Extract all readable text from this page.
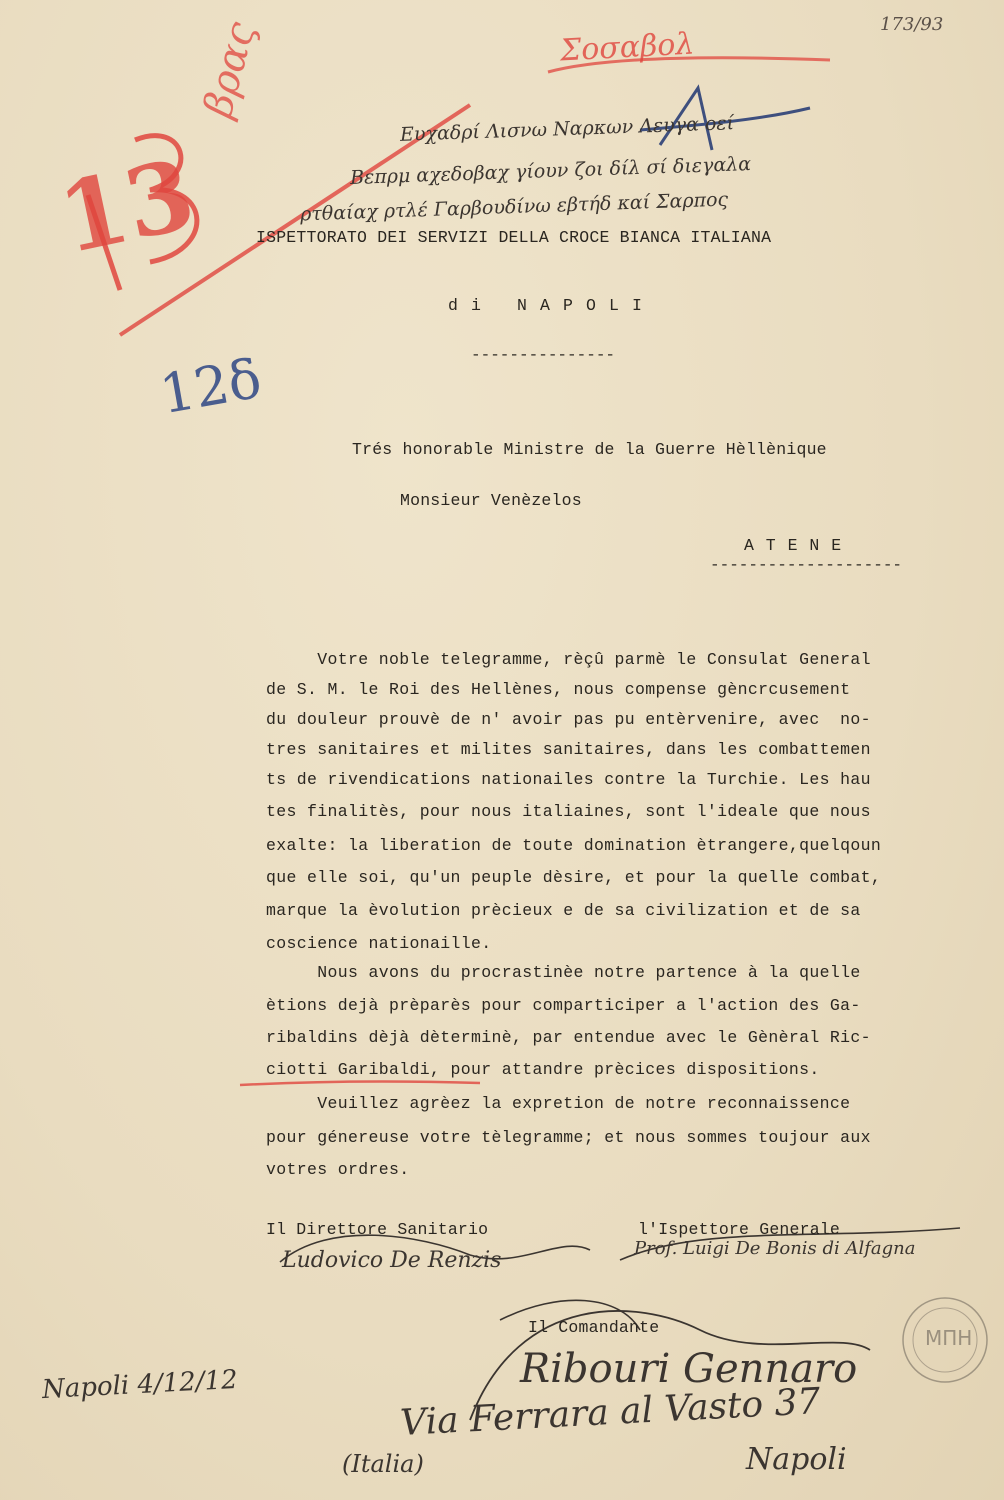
173/93
Σοσαβολ
13
βρας
12δ
Ευχαδρί Λισνω Ναρκων Λευγα οεί
Βεπρμ αχεδοβαχ γίουν ζοι δίλ σί διεγαλα
ρτθαίαχ ρτλέ Γαρβουδίνω εβτήδ καί Σαρπος
ISPETTORATO DEI SERVIZI DELLA CROCE BIANCA ITALIANA
d i   N A P O L I
---------------
Trés honorable Ministre de la Guerre Hèllènique
Monsieur Venèzelos
A T E N E
--------------------
Votre noble telegramme, rèçû parmè le Consulat General
de S. M. le Roi des Hellènes, nous compense gèncrcusement
du douleur prouvè de n' avoir pas pu entèrvenire, avec  no-
tres sanitaires et milites sanitaires, dans les combattemen
ts de rivendications nationailes contre la Turchie. Les hau
tes finalitès, pour nous italiaines, sont l'ideale que nous
exalte: la liberation de toute domination ètrangere,quelqoun
que elle soi, qu'un peuple dèsire, et pour la quelle combat,
marque la èvolution prècieux e de sa civilization et de sa
coscience nationaille.
Nous avons du procrastinèe notre partence à la quelle
ètions dejà prèparès pour comparticiper a l'action des Ga-
ribaldins dèjà dèterminè, par entendue avec le Gènèral Ric-
ciotti Garibaldi, pour attandre prècices dispositions.
Veuillez agrèez la expretion de notre reconnaissence
pour génereuse votre tèlegramme; et nous sommes toujour aux
votres ordres.
Il Direttore Sanitario	l'Ispettore Generale
Ludovico De Renzis	Prof. Luigi De Bonis di Alfagna
Il Comandante
Ribouri Gennaro
Via Ferrara al Vasto 37
Napoli
(Italia)
Napoli 4/12/12
ΜΠΗ
